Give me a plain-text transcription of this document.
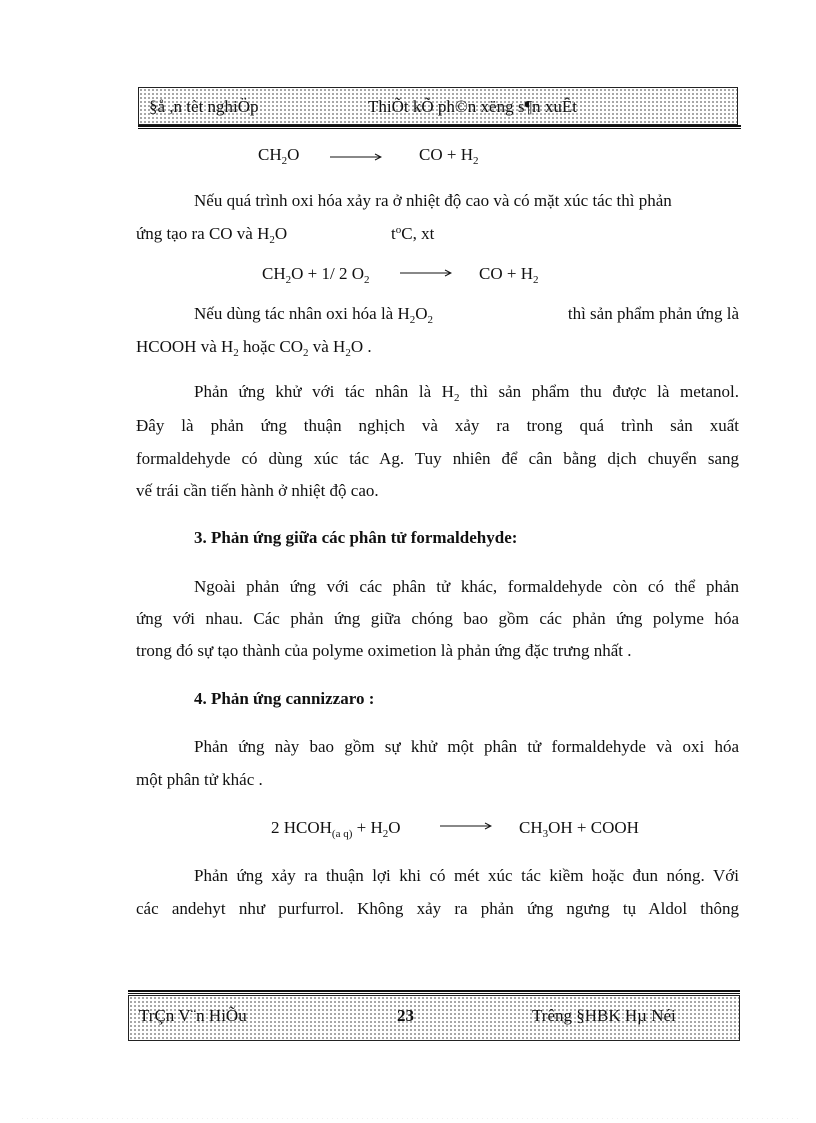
§å ,n tèt nghiÖp	ThiÕt kÕ ph©n xëng s¶n xuÊt
$CH_2O$	CO + $H_2$
Nếu quá trình oxi hóa xảy ra ở nhiệt độ cao và có mặt xúc tác thì phản
ứng tạo ra CO và $H_2O$	$t^oC$, xt
$CH_2O + 1/$ 2 $O_2$	CO + $H_2$
Nếu dùng tác nhân oxi hóa là $H_2O_2$	thì sản phẩm phản ứng là
HCOOH và $H_2$ hoặc $CO_2$ và $H_2O$ .
Phản ứng khử với tác nhân là $H_2$ thì sản phẩm thu được là metanol.
Đây là phản ứng thuận nghịch và xảy ra trong quá trình sản xuất
formaldehyde có dùng xúc tác Ag. Tuy nhiên để cân bằng dịch chuyển sang
vế trái cần tiến hành ở nhiệt độ cao.
3. Phản ứng giữa các phân tử formaldehyde:
Ngoài phản ứng với các phân tử khác, formaldehyde còn có thể phản
ứng với nhau. Các phản ứng giữa chóng bao gồm các phản ứng polyme hóa
trong đó sự tạo thành của polyme oximetion là phản ứng đặc trưng nhất .
4. Phản ứng cannizzaro :
Phản ứng này bao gồm sự khử một phân tử formaldehyde và oxi hóa
một phân tử khác .
2 $HCOH_{(a q)} + H_2O$	$CH_3OH$ + COOH
Phản ứng xảy ra thuận lợi khi có mét xúc tác kiềm hoặc đun nóng. Với
các andehyt như purfurrol. Không xảy ra phản ứng ngưng tụ Aldol thông
TrÇn V¨n HiÕu	23	Trêng §HBK Hµ Néi
